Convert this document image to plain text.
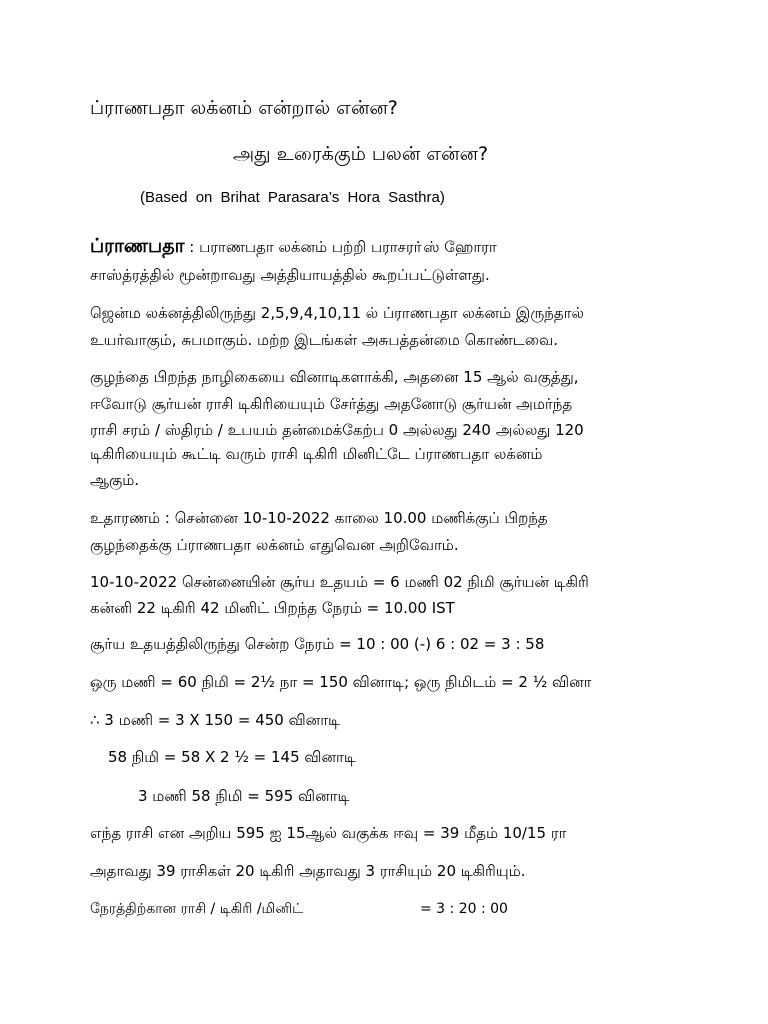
ப்ராணபதா லக்னம் என்றால் என்ன?
அது உரைக்கும் பலன் என்ன?
(Based on Brihat Parasara’s Hora Sasthra)
ப்ராணபதா : பராணபதா லக்னம் பற்றி பராசரா்ஸ் ஹோரா
சாஸ்த்ரத்தில் மூன்றாவது அத்தியாயத்தில் கூறப்பட்டுள்ளது.
ஜென்ம லக்னத்திலிருந்து 2,5,9,4,10,11 ல் ப்ராணபதா லக்னம் இருந்தால்
உயர்வாகும், சுபமாகும். மற்ற இடங்கள் அசுபத்தன்மை கொண்டவை.
குழந்தை பிறந்த நாழிகையை வினாடிகளாக்கி, அதனை 15 ஆல் வகுத்து,
ஈவோடு சூர்யன் ராசி டிகிரியையும் சேர்த்து அதனோடு சூர்யன் அமர்ந்த
ராசி சரம் / ஸ்திரம் / உபயம் தன்மைக்கேற்ப 0 அல்லது 240 அல்லது 120
டிகிரியையும் கூட்டி வரும் ராசி டிகிரி மினிட்டே ப்ராணபதா லக்னம்
ஆகும்.
உதாரணம் : சென்னை 10-10-2022 காலை 10.00 மணிக்குப் பிறந்த
குழந்தைக்கு ப்ராணபதா லக்னம் எதுவென அறிவோம்.
10-10-2022 சென்னையின் சூர்ய உதயம் = 6 மணி 02 நிமி சூர்யன் டிகிரி
கன்னி 22 டிகிரி 42 மினிட் பிறந்த நேரம் = 10.00 IST
சூர்ய உதயத்திலிருந்து சென்ற நேரம் = 10 : 00 (-) 6 : 02 = 3 : 58
ஒரு மணி = 60 நிமி = 2½ நா = 150 வினாடி; ஒரு நிமிடம் = 2 ½ வினா
∴ 3 மணி = 3 X 150 = 450 வினாடி
58 நிமி = 58 X 2 ½ = 145 வினாடி
3 மணி 58 நிமி = 595 வினாடி
எந்த ராசி என அறிய 595 ஐ 15ஆல் வகுக்க ஈவு = 39 மீதம் 10/15 ரா
அதாவது 39 ராசிகள் 20 டிகிரி அதாவது 3 ராசியும் 20 டிகிரியும்.
நேரத்திற்கான ராசி / டிகிரி /மினிட்	= 3 : 20 : 00
